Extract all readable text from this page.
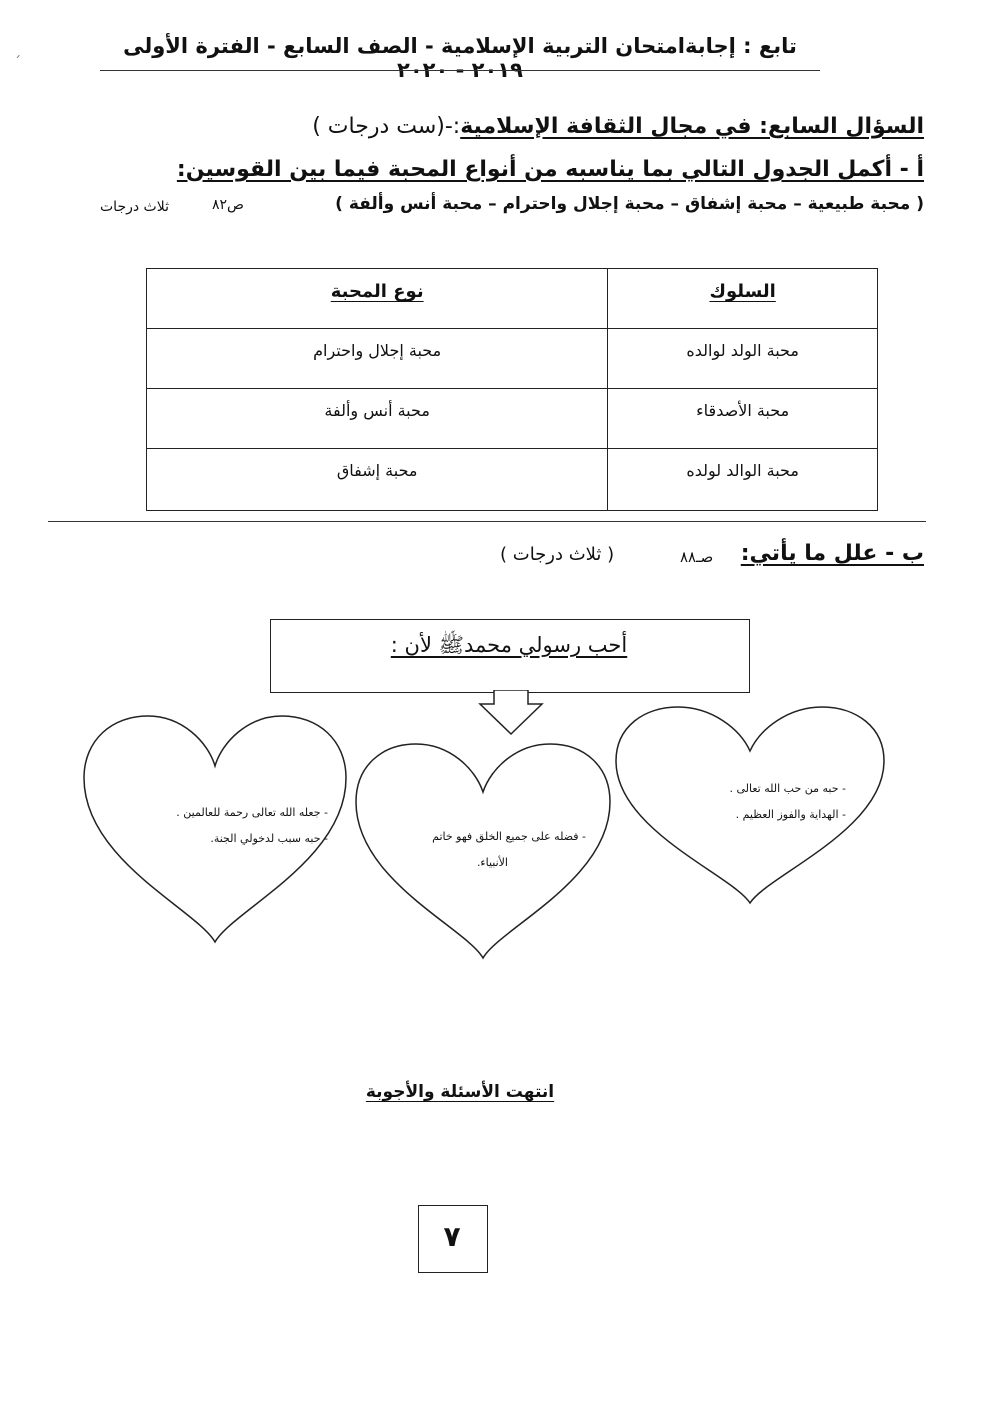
تابع : إجابةامتحان التربية الإسلامية - الصف السابع - الفترة الأولى ٢٠١٩ - ٢٠٢٠
ˊ
السؤال السابع: في مجال الثقافة الإسلامية:-(ست درجات )
أ - أكمل الجدول التالي بما يناسبه من أنواع المحبة فيما بين القوسين:
( محبة طبيعية – محبة إشفاق – محبة إجلال واحترام – محبة أنس وألفة )
ص٨٢
ثلاث درجات
نوع المحبة	السلوك
محبة إجلال واحترام	محبة الولد لوالده
محبة أنس وألفة	محبة الأصدقاء
محبة إشفاق	محبة الوالد لولده
ب - علل ما يأتي:
صـ٨٨
( ثلاث درجات )
أحب رسولي محمدﷺ لأن :
- حبه من حب الله تعالى .
- الهداية والفوز العظيم .
- فضله على جميع الخلق فهو خاتم
الأنبياء.
- جعله الله تعالى رحمة للعالمين .
- حبه سبب لدخولي الجنة.
انتهت الأسئلة والأجوبة
٧
